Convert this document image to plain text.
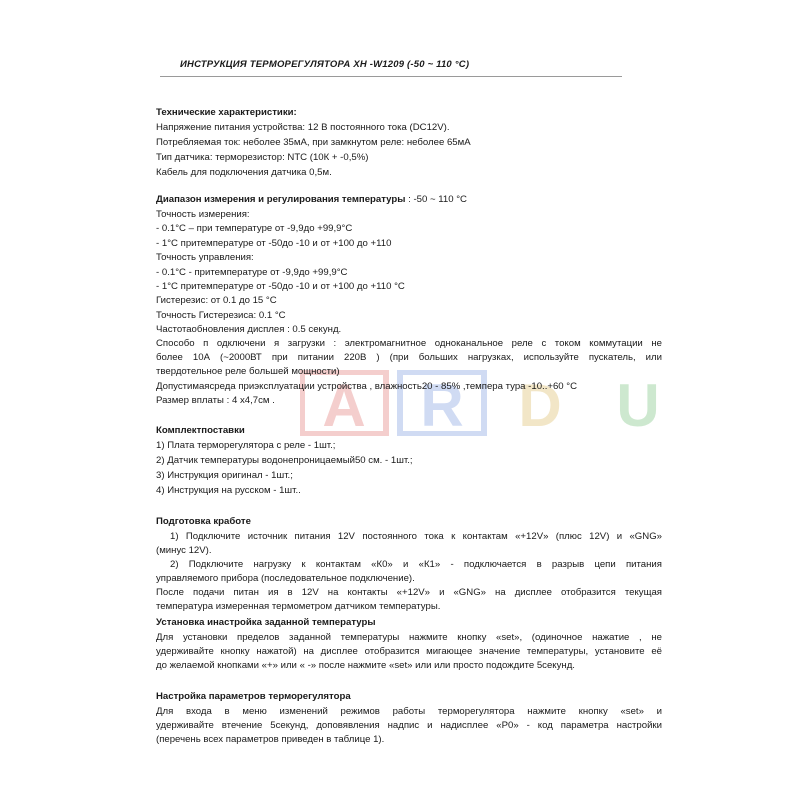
ИНСТРУКЦИЯ ТЕРМОРЕГУЛЯТОРА XH -W1209 (-50 ~ 110 °С)
A R D U
Технические характеристики:
Напряжение питания устройства: 12 В постоянного тока (DC12V).
Потребляемая ток: неболее 35мА, при замкнутом реле: неболее 65мА
Тип датчика: терморезистор: NTC (10К + -0,5%)
Кабель для подключения датчика 0,5м.
Диапазон измерения и регулирования температуры : -50 ~ 110 °С
Точность измерения:
- 0.1°С – при температуре от -9,9до +99,9°С
- 1°С притемпературе от -50до -10 и от +100 до +110
Точность управления:
- 0.1°С - притемпературе от -9,9до +99,9°С
- 1°С притемпературе от -50до -10 и от +100 до +110 °С
Гистерезис: от 0.1 до 15 °С
Точность Гистерезиса: 0.1 °С
Частотаобновления дисплея : 0.5 секунд.
Способо п одключени я загрузки : электромагнитное одноканальное реле с током коммутации не
более 10А (~2000ВТ при питании 220В ) (при больших нагрузках, используйте пускатель, или
твердотельное реле большей мощности)
Допустимаясреда приэксплуатации устройства , влажность20 - 85% ,темпера тура -10..+60 °С
Размер вплаты : 4 x4,7см .
Комплектпоставки
1) Плата терморегулятора с реле - 1шт.;
2) Датчик температуры водонепроницаемый50 см. - 1шт.;
3) Инструкция оригинал - 1шт.;
4) Инструкция на русском - 1шт..
Подготовка кработе
1) Подключите источник питания 12V постоянного тока к контактам «+12V» (плюс 12V) и «GNG»
(минус 12V).
2) Подключите нагрузку к контактам «К0» и «К1» - подключается в разрыв цепи питания
управляемого прибора (последовательное подключение).
После подачи питан ия в 12V на контакты «+12V» и «GNG» на дисплее отобразится текущая
температура измеренная термометром датчиком температуры.
Установка инастройка заданной температуры
Для установки пределов заданной температуры нажмите кнопку «set», (одиночное нажатие , не
удерживайте кнопку нажатой) на дисплее отобразится мигающее значение температуры, установите её
до желаемой кнопками «+» или « -» после нажмите «set» или или просто подождите 5секунд.
Настройка параметров терморегулятора
Для входа в меню изменений режимов работы терморегулятора нажмите кнопку «set» и
удерживайте втечение 5секунд, доповявления надпис и надисплее «P0» - код параметра настройки
(перечень всех параметров приведен в таблице 1).
